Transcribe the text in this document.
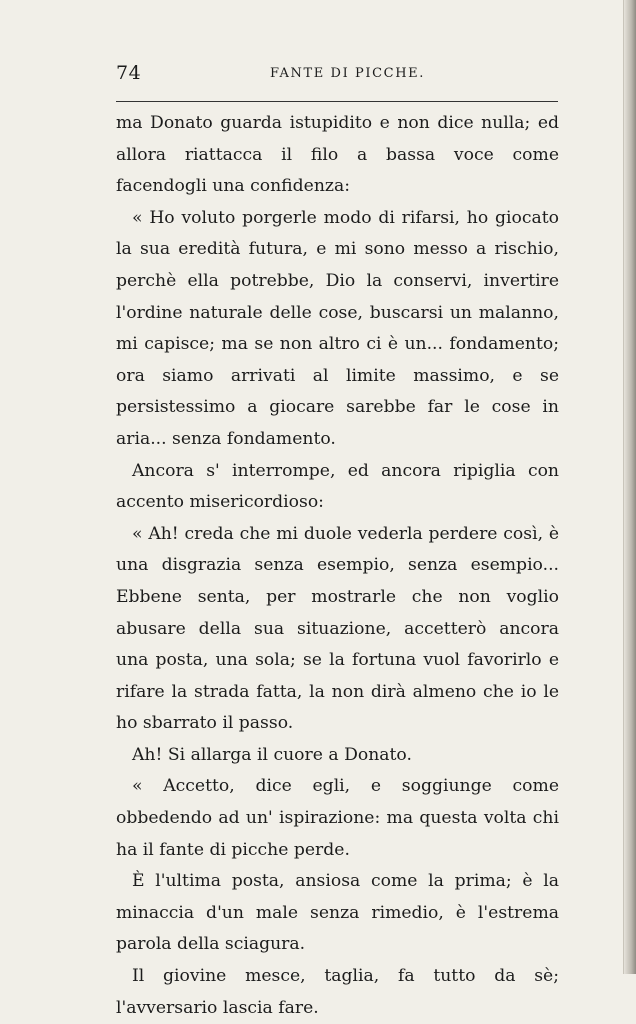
74	FANTE DI PICCHE.

ma Donato guarda istupidito e non dice nulla; ed allora riattacca il filo a bassa voce come facendogli una confidenza:

« Ho voluto porgerle modo di rifarsi, ho giocato la sua eredità futura, e mi sono messo a rischio, perchè ella potrebbe, Dio la conservi, invertire l'ordine naturale delle cose, buscarsi un malanno, mi capisce; ma se non altro ci è un... fondamento; ora siamo arrivati al limite massimo, e se persistessimo a giocare sarebbe far le cose in aria... senza fondamento.

Ancora s' interrompe, ed ancora ripiglia con accento misericordioso:

« Ah! creda che mi duole vederla perdere così, è una disgrazia senza esempio, senza esempio... Ebbene senta, per mostrarle che non voglio abusare della sua situazione, accetterò ancora una posta, una sola; se la fortuna vuol favorirlo e rifare la strada fatta, la non dirà almeno che io le ho sbarrato il passo.

Ah! Si allarga il cuore a Donato.

« Accetto, dice egli, e soggiunge come obbedendo ad un' ispirazione: ma questa volta chi ha il fante di picche perde.

È l'ultima posta, ansiosa come la prima; è la minaccia d'un male senza rimedio, è l'estrema parola della sciagura.

Il giovine mesce, taglia, fa tutto da sè; l'avversario lascia fare.
